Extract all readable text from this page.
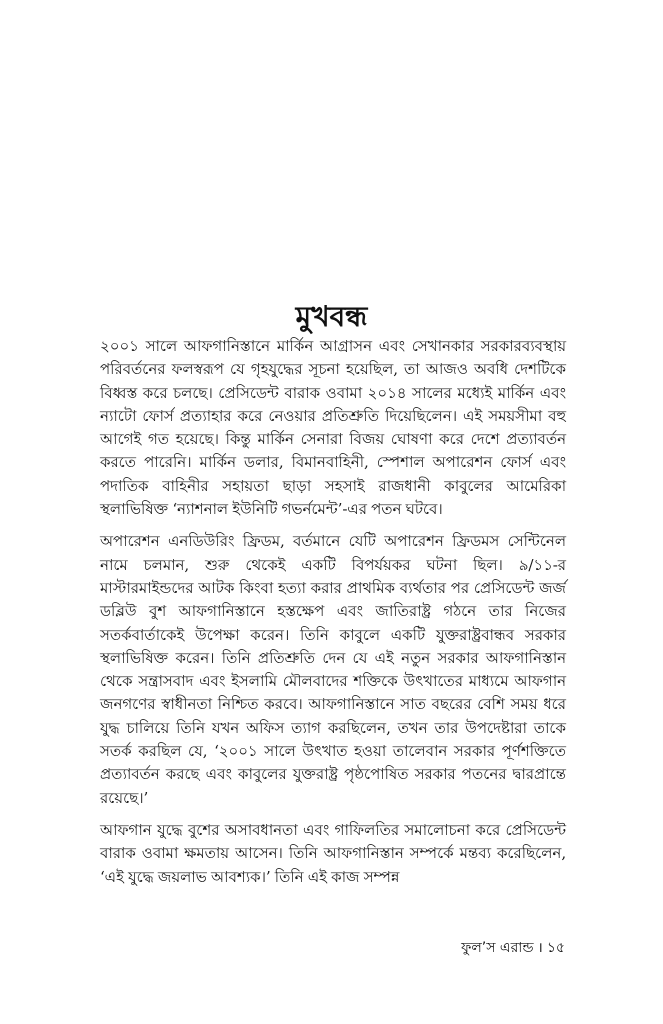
মুখবন্ধ

২০০১ সালে আফগানিস্তানে মার্কিন আগ্রাসন এবং সেখানকার সরকারব্যবস্থায় পরিবর্তনের ফলস্বরূপ যে গৃহযুদ্ধের সূচনা হয়েছিল, তা আজও অবধি দেশটিকে বিধ্বস্ত করে চলছে। প্রেসিডেন্ট বারাক ওবামা ২০১৪ সালের মধ্যেই মার্কিন এবং ন্যাটো ফোর্স প্রত্যাহার করে নেওয়ার প্রতিশ্রুতি দিয়েছিলেন। এই সময়সীমা বহু আগেই গত হয়েছে। কিন্তু মার্কিন সেনারা বিজয় ঘোষণা করে দেশে প্রত্যাবর্তন করতে পারেনি। মার্কিন ডলার, বিমানবাহিনী, স্পেশাল অপারেশন ফোর্স এবং পদাতিক বাহিনীর সহায়তা ছাড়া সহসাই রাজধানী কাবুলের আমেরিকা স্থলাভিষিক্ত ‘ন্যাশনাল ইউনিটি গভর্নমেন্ট’-এর পতন ঘটবে।

অপারেশন এনডিউরিং ফ্রিডম, বর্তমানে যেটি অপারেশন ফ্রিডমস সেন্টিনেল নামে চলমান, শুরু থেকেই একটি বিপর্যয়কর ঘটনা ছিল। ৯/১১-র মাস্টারমাইন্ডদের আটক কিংবা হত্যা করার প্রাথমিক ব্যর্থতার পর প্রেসিডেন্ট জর্জ ডব্লিউ বুশ আফগানিস্তানে হস্তক্ষেপ এবং জাতিরাষ্ট্র গঠনে তার নিজের সতর্কবার্তাকেই উপেক্ষা করেন। তিনি কাবুলে একটি যুক্তরাষ্ট্রবান্ধব সরকার স্থলাভিষিক্ত করেন। তিনি প্রতিশ্রুতি দেন যে এই নতুন সরকার আফগানিস্তান থেকে সন্ত্রাসবাদ এবং ইসলামি মৌলবাদের শক্তিকে উৎখাতের মাধ্যমে আফগান জনগণের স্বাধীনতা নিশ্চিত করবে। আফগানিস্তানে সাত বছরের বেশি সময় ধরে যুদ্ধ চালিয়ে তিনি যখন অফিস ত্যাগ করছিলেন, তখন তার উপদেষ্টারা তাকে সতর্ক করছিল যে, ‘২০০১ সালে উৎখাত হওয়া তালেবান সরকার পূর্ণশক্তিতে প্রত্যাবর্তন করছে এবং কাবুলের যুক্তরাষ্ট্র পৃষ্ঠপোষিত সরকার পতনের দ্বারপ্রান্তে রয়েছে।’

আফগান যুদ্ধে বুশের অসাবধানতা এবং গাফিলতির সমালোচনা করে প্রেসিডেন্ট বারাক ওবামা ক্ষমতায় আসেন। তিনি আফগানিস্তান সম্পর্কে মন্তব্য করেছিলেন, ‘এই যুদ্ধে জয়লাভ আবশ্যক।’ তিনি এই কাজ সম্পন্ন

ফুল’স এরান্ড । ১৫
